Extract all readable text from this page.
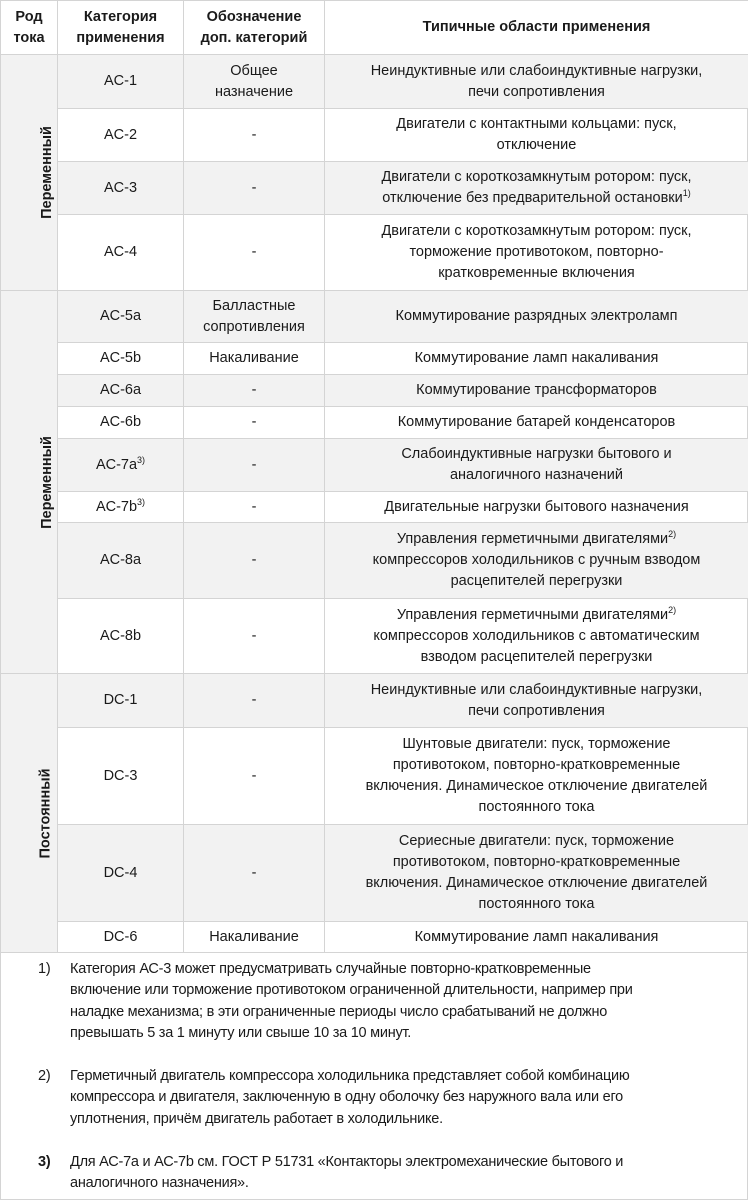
Род
тока	Категория
применения	Обозначение
доп. категорий	Типичные области применения
Переменный	AC-1	Общее
назначение	Неиндуктивные или слабоиндуктивные нагрузки,
печи сопротивления
	AC-2	-	Двигатели с контактными кольцами: пуск,
отключение
	AC-3	-	Двигатели с короткозамкнутым ротором: пуск,
отключение без предварительной остановки$^{1)}$
	AC-4	-	Двигатели с короткозамкнутым ротором: пуск,
торможение противотоком, повторно-
кратковременные включения
Переменный	AC-5a	Балластные
сопротивления	Коммутирование разрядных электроламп
	AC-5b	Накаливание	Коммутирование ламп накаливания
	AC-6a	-	Коммутирование трансформаторов
	AC-6b	-	Коммутирование батарей конденсаторов
	$AC-7a^{3)}$	-	Слабоиндуктивные нагрузки бытового и
аналогичного назначений
	$AC-7b^{3)}$	-	Двигательные нагрузки бытового назначения
	AC-8a	-	Управления герметичными двигателями$^{2)}$
компрессоров холодильников с ручным взводом
расцепителей перегрузки
	AC-8b	-	Управления герметичными двигателями$^{2)}$
компрессоров холодильников с автоматическим
взводом расцепителей перегрузки
Постоянный	DC-1	-	Неиндуктивные или слабоиндуктивные нагрузки,
печи сопротивления
	DC-3	-	Шунтовые двигатели: пуск, торможение
противотоком, повторно-кратковременные
включения. Динамическое отключение двигателей
постоянного тока
	DC-4	-	Сериесные двигатели: пуск, торможение
противотоком, повторно-кратковременные
включения. Динамическое отключение двигателей
постоянного тока
	DC-6	Накаливание	Коммутирование ламп накаливания
1) Категория АС-3 может предусматривать случайные повторно-кратковременные
включение или торможение противотоком ограниченной длительности, например при
наладке механизма; в эти ограниченные периоды число срабатываний не должно
превышать 5 за 1 минуту или свыше 10 за 10 минут.
2) Герметичный двигатель компрессора холодильника представляет собой комбинацию
компрессора и двигателя, заключенную в одну оболочку без наружного вала или его
уплотнения, причём двигатель работает в холодильнике.
3) Для АС-7а и АС-7b см. ГОСТ Р 51731 «Контакторы электромеханические бытового и
аналогичного назначения».
